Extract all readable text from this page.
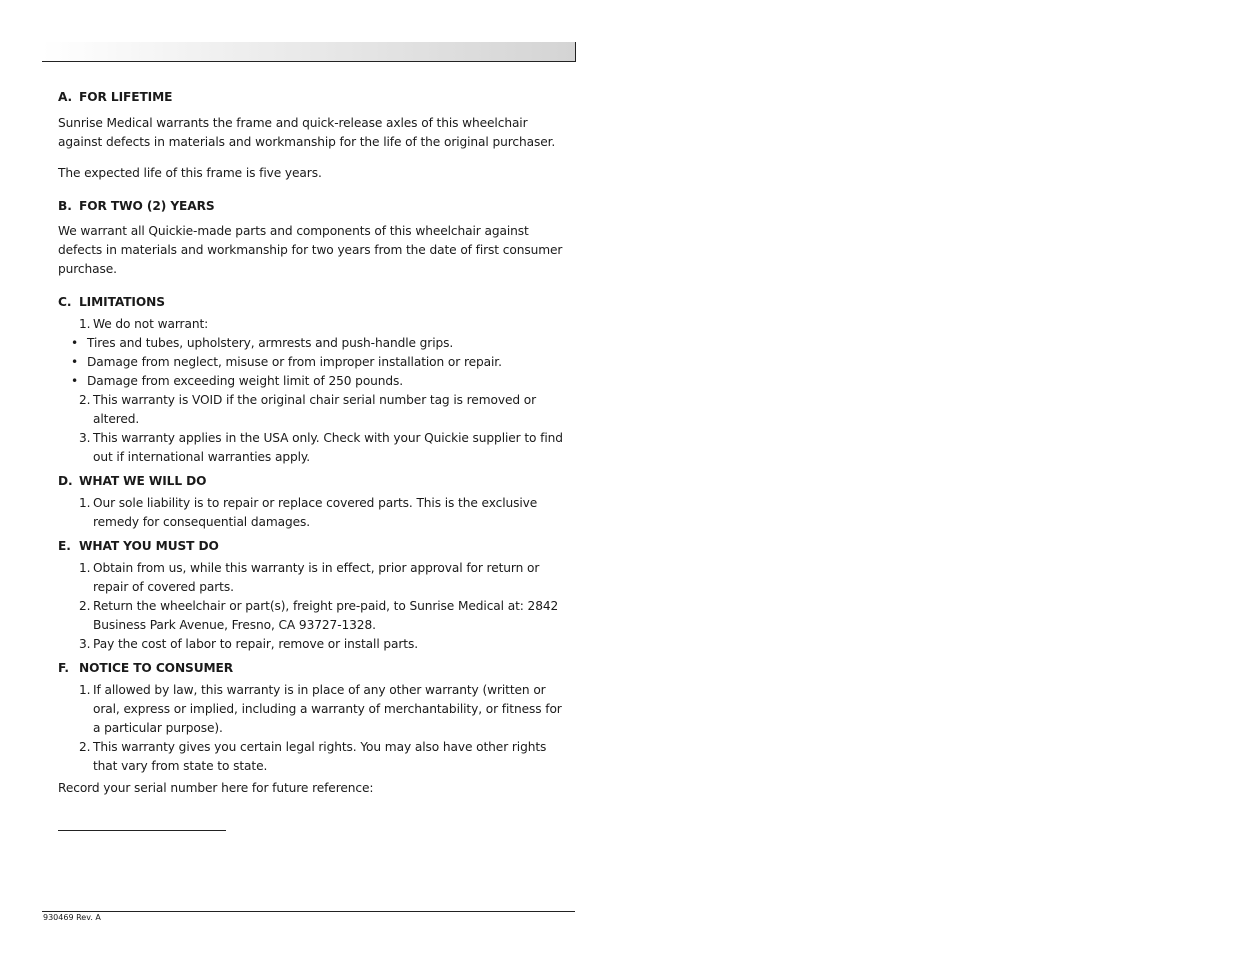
A. FOR LIFETIME

Sunrise Medical warrants the frame and quick-release axles of this wheelchair against defects in materials and workmanship for the life of the original purchaser.

The expected life of this frame is five years.

B. FOR TWO (2) YEARS

We warrant all Quickie-made parts and components of this wheelchair against defects in materials and workmanship for two years from the date of first consumer purchase.

C. LIMITATIONS
1. We do not warrant:
• Tires and tubes, upholstery, armrests and push-handle grips.
• Damage from neglect, misuse or from improper installation or repair.
• Damage from exceeding weight limit of 250 pounds.
2. This warranty is VOID if the original chair serial number tag is removed or altered.
3. This warranty applies in the USA only. Check with your Quickie supplier to find out if international warranties apply.
D. WHAT WE WILL DO
1. Our sole liability is to repair or replace covered parts. This is the exclusive remedy for consequential damages.
E. WHAT YOU MUST DO
1. Obtain from us, while this warranty is in effect, prior approval for return or repair of covered parts.
2. Return the wheelchair or part(s), freight pre-paid, to Sunrise Medical at: 2842 Business Park Avenue, Fresno, CA 93727-1328.
3. Pay the cost of labor to repair, remove or install parts.
F. NOTICE TO CONSUMER
1. If allowed by law, this warranty is in place of any other warranty (written or oral, express or implied, including a warranty of merchantability, or fitness for a particular purpose).
2. This warranty gives you certain legal rights. You may also have other rights that vary from state to state.

Record your serial number here for future reference:

930469 Rev. A
